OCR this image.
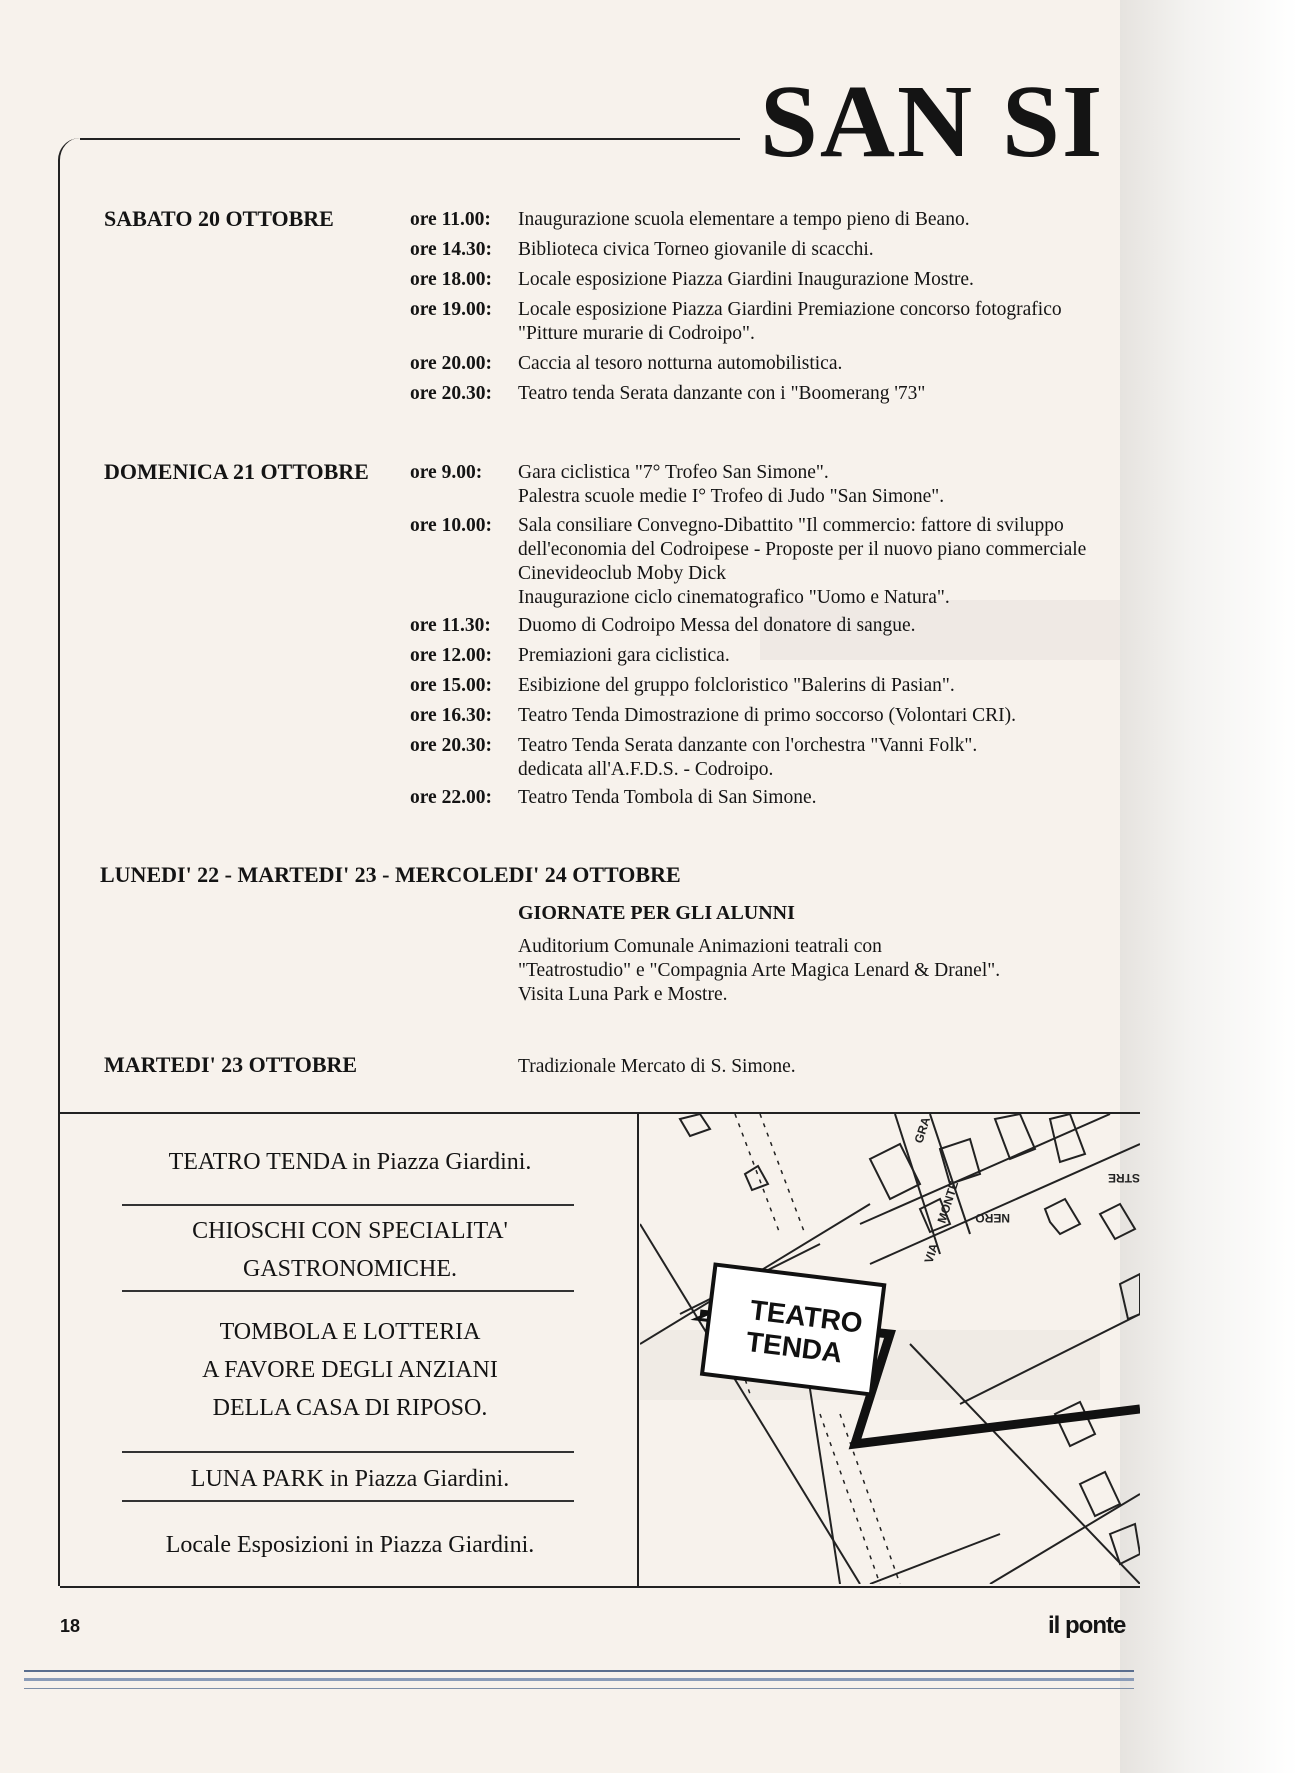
SAN SI
SABATO 20 OTTOBRE	ore 11.00:	Inaugurazione scuola elementare a tempo pieno di Beano.
ore 14.30:	Biblioteca civica Torneo giovanile di scacchi.
ore 18.00:	Locale esposizione Piazza Giardini Inaugurazione Mostre.
ore 19.00:	Locale esposizione Piazza Giardini Premiazione concorso fotografico
"Pitture murarie di Codroipo".
ore 20.00:	Caccia al tesoro notturna automobilistica.
ore 20.30:	Teatro tenda Serata danzante con i "Boomerang '73"
DOMENICA 21 OTTOBRE ore 9.00:	Gara ciclistica "7° Trofeo San Simone".
Palestra scuole medie I° Trofeo di Judo "San Simone".
ore 10.00:	Sala consiliare Convegno-Dibattito "Il commercio: fattore di sviluppo
dell'economia del Codroipese - Proposte per il nuovo piano commerciale
Cinevideoclub Moby Dick
Inaugurazione ciclo cinematografico "Uomo e Natura".
ore 11.30:	Duomo di Codroipo Messa del donatore di sangue.
ore 12.00:	Premiazioni gara ciclistica.
ore 15.00:	Esibizione del gruppo folcloristico "Balerins di Pasian".
ore 16.30:	Teatro Tenda Dimostrazione di primo soccorso (Volontari CRI).
ore 20.30:	Teatro Tenda Serata danzante con l'orchestra "Vanni Folk".
dedicata all'A.F.D.S. - Codroipo.
ore 22.00:	Teatro Tenda Tombola di San Simone.
LUNEDI' 22 - MARTEDI' 23 - MERCOLEDI' 24 OTTOBRE
GIORNATE PER GLI ALUNNI
Auditorium Comunale Animazioni teatrali con
"Teatrostudio" e "Compagnia Arte Magica Lenard & Dranel".
Visita Luna Park e Mostre.
MARTEDI' 23 OTTOBRE	Tradizionale Mercato di S. Simone.
TEATRO TENDA in Piazza Giardini.
CHIOSCHI CON SPECIALITA'
GASTRONOMICHE.
TOMBOLA E LOTTERIA
A FAVORE DEGLI ANZIANI
DELLA CASA DI RIPOSO.
LUNA PARK in Piazza Giardini.
Locale Esposizioni in Piazza Giardini.
TEATRO
TENDA
VIA
MONTE NERO
STRE
GRA
18	il ponte
